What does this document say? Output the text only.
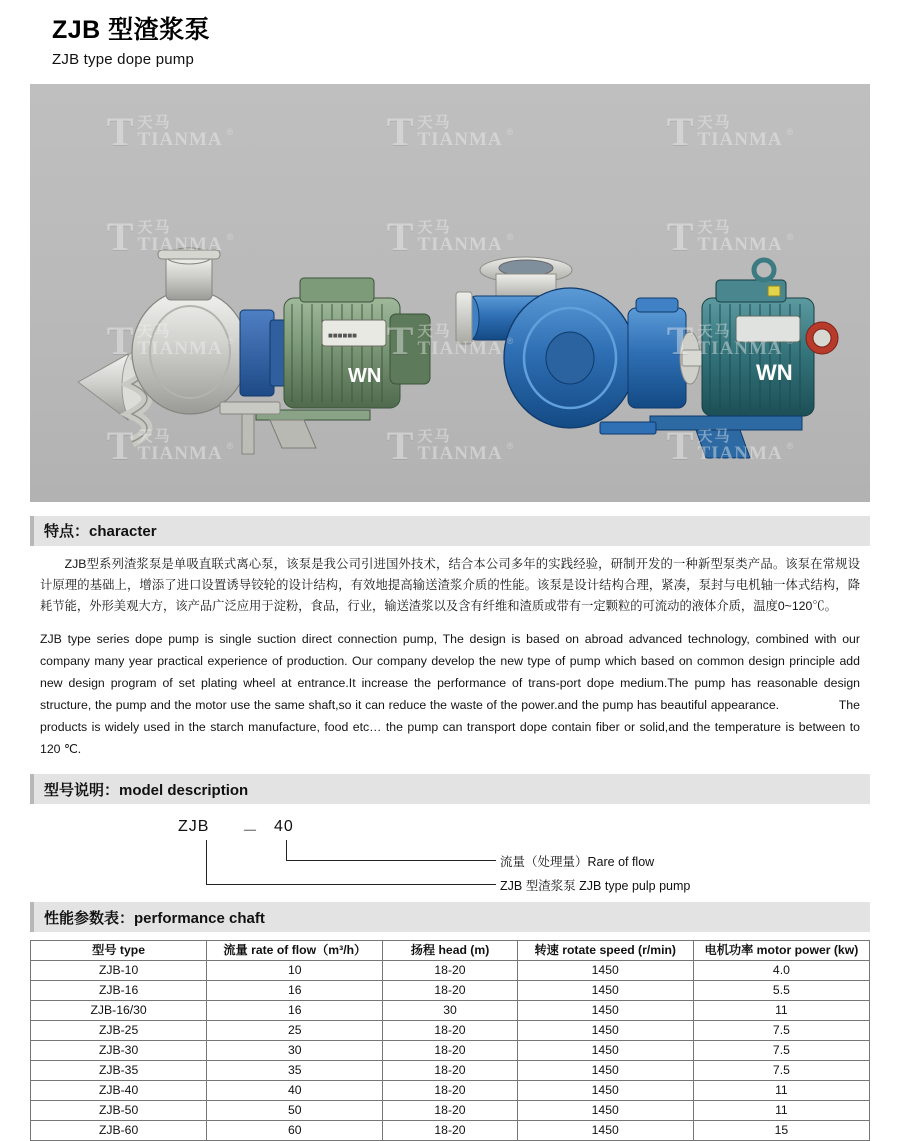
ZJB 型渣浆泵
ZJB type dope pump
■■■■■■
WN	WN
T 天马
TIANMA ®	T 天马
TIANMA ®	T 天马
TIANMA ®
T 天马
TIANMA ®	T 天马
TIANMA ®	T 天马
TIANMA ®
T 天马
TIANMA ®	T 天马
TIANMA ®	T 天马
TIANMA ®
T 天马
TIANMA ®	T 天马
TIANMA ®	T 天马
TIANMA ®
特点：character

ZJB型系列渣浆泵是单吸直联式离心泵，该泵是我公司引进国外技术，结合本公司多年的实践经验，研制开发的一种新型泵类产品。该泵在常规设计原理的基础上，增添了进口设置诱导铰轮的设计结构，有效地提高输送渣浆介质的性能。该泵是设计结构合理，紧凑，泵封与电机轴一体式结构，降耗节能，外形美观大方，该产品广泛应用于淀粉，食品，行业，输送渣浆以及含有纤维和渣质或带有一定颗粒的可流动的液体介质，温度0~120℃。

ZJB type series dope pump is single suction direct connection pump, The design is based on abroad advanced technology, combined with our company many year practical experience of production. Our company develop the new type of pump which based on common design principle add new design program of set plating wheel at entrance.It increase the performance of trans-port dope medium.The pump has reasonable design structure, the pump and the motor use the same shaft,so it can reduce the waste of the power.and the pump has beautiful appearance.	The products is widely used in the starch manufacture, food etc… the pump can transport dope contain fiber or solid,and the temperature is between to 120 ℃.

型号说明：model description
ZJB － 40
流量（处理量）Rare of flow
ZJB 型渣浆泵 ZJB type pulp pump
性能参数表：performance chaft
型号 type	流量 rate of flow（m³/h）	扬程 head (m)	转速 rotate speed (r/min)	电机功率 motor power (kw)
ZJB-10	10	18-20	1450	4.0
ZJB-16	16	18-20	1450	5.5
ZJB-16/30	16	30	1450	11
ZJB-25	25	18-20	1450	7.5
ZJB-30	30	18-20	1450	7.5
ZJB-35	35	18-20	1450	7.5
ZJB-40	40	18-20	1450	11
ZJB-50	50	18-20	1450	11
ZJB-60	60	18-20	1450	15
